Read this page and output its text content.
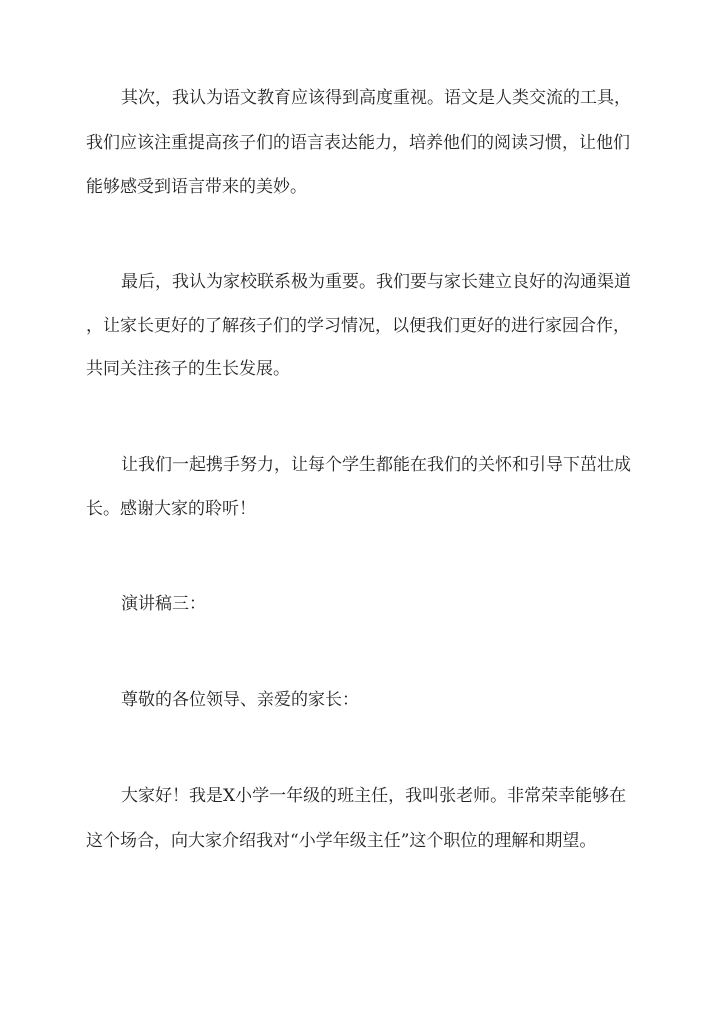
其次，我认为语文教育应该得到高度重视。语文是人类交流的工具，
我们应该注重提高孩子们的语言表达能力，培养他们的阅读习惯，让他们
能够感受到语言带来的美妙。
最后，我认为家校联系极为重要。我们要与家长建立良好的沟通渠道
，让家长更好的了解孩子们的学习情况，以便我们更好的进行家园合作，
共同关注孩子的生长发展。
让我们一起携手努力，让每个学生都能在我们的关怀和引导下茁壮成
长。感谢大家的聆听！
演讲稿三：
尊敬的各位领导、亲爱的家长：
大家好！我是X小学一年级的班主任，我叫张老师。非常荣幸能够在
这个场合，向大家介绍我对“小学年级主任”这个职位的理解和期望。
